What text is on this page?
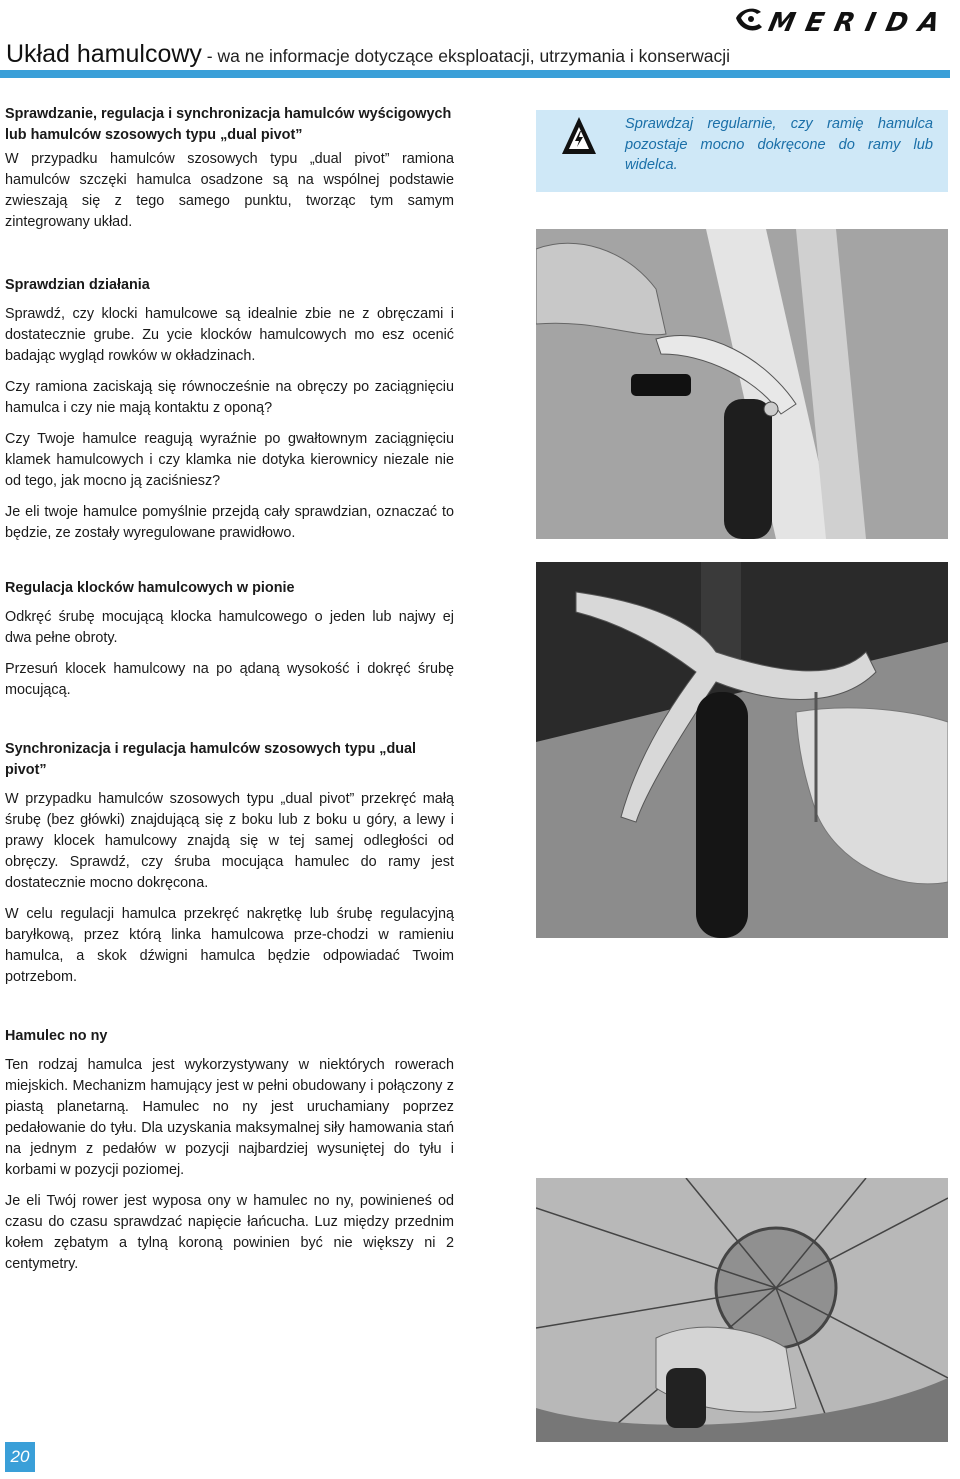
Układ hamulcowy - wa ne informacje dotyczące eksploatacji, utrzymania i konserwacji
MERIDA
Sprawdzanie, regulacja i synchronizacja hamulców wyścigowych lub hamulców szosowych typu „dual pivot”

W przypadku hamulców szosowych typu „dual pivot” ramiona hamulców szczęki hamulca osadzone są na wspólnej podstawie zwieszają się z tego samego punktu, tworząc tym samym zintegrowany układ.

Sprawdzian działania

Sprawdź, czy klocki hamulcowe są idealnie zbie ne z obręczami i dostatecznie grube. Zu ycie klocków hamulcowych mo esz ocenić badając wygląd rowków w okładzinach.

Czy ramiona zaciskają się równocześnie na obręczy po zaciągnięciu hamulca i czy nie mają kontaktu z oponą?

Czy Twoje hamulce reagują wyraźnie po gwałtownym zaciągnięciu klamek hamulcowych i czy klamka nie dotyka kierownicy niezale nie od tego, jak mocno ją zaciśniesz?

Je eli twoje hamulce pomyślnie przejdą cały sprawdzian, oznaczać to będzie, ze zostały wyregulowane prawidłowo.

Regulacja klocków hamulcowych w pionie

Odkręć śrubę mocującą klocka hamulcowego o jeden lub najwy ej dwa pełne obroty.

Przesuń klocek hamulcowy na po ądaną wysokość i dokręć śrubę mocującą.

Synchronizacja i regulacja hamulców szosowych typu „dual pivot”

W przypadku hamulców szosowych typu „dual pivot” przekręć małą śrubę (bez główki) znajdującą się z boku lub z boku u góry, a lewy i prawy klocek hamulcowy znajdą się w tej samej odległości od obręczy. Sprawdź, czy śruba mocująca hamulec do ramy jest dostatecznie mocno dokręcona.

W celu regulacji hamulca przekręć nakrętkę lub śrubę regulacyjną baryłkową, przez którą linka hamulcowa prze-chodzi w ramieniu hamulca, a skok dźwigni hamulca będzie odpowiadać Twoim potrzebom.

Hamulec no ny

Ten rodzaj hamulca jest wykorzystywany w niektórych rowerach miejskich. Mechanizm hamujący jest w pełni obudowany i połączony z piastą planetarną. Hamulec no ny jest uruchamiany poprzez pedałowanie do tyłu. Dla uzyskania maksymalnej siły hamowania stań na jednym z pedałów w pozycji najbardziej wysuniętej do tyłu i korbami w pozycji poziomej.

Je eli Twój rower jest wyposa ony w hamulec no ny, powinieneś od czasu do czasu sprawdzać napięcie łańcucha. Luz między przednim kołem zębatym a tylną koroną powinien być nie większy ni 2 centymetry.

Sprawdzaj regularnie, czy ramię hamulca pozostaje mocno dokręcone do ramy lub widelca.
20
